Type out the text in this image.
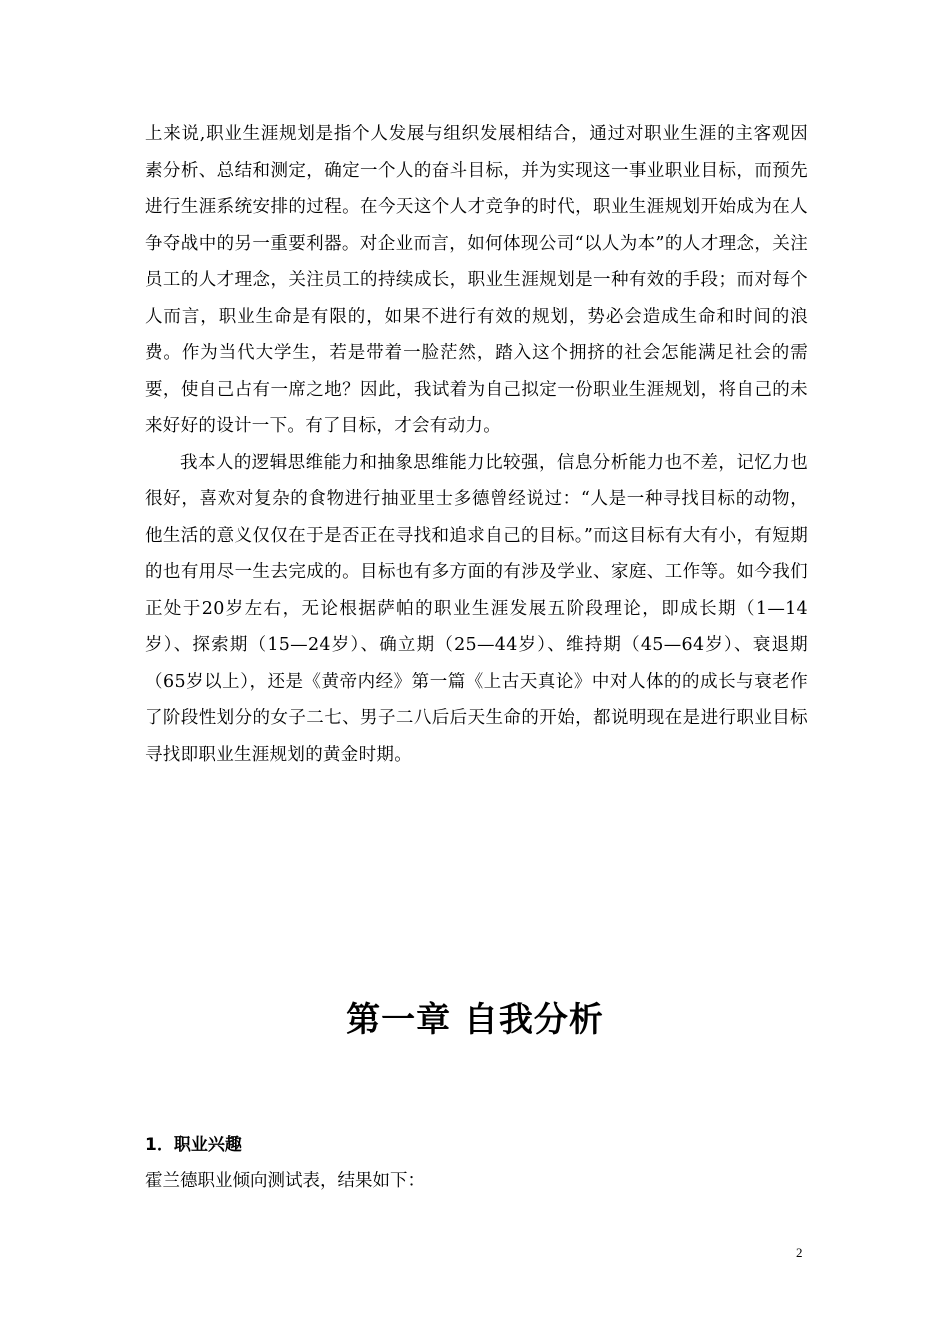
上来说,职业生涯规划是指个人发展与组织发展相结合，通过对职业生涯的主客观因素分析、总结和测定，确定一个人的奋斗目标，并为实现这一事业职业目标，而预先进行生涯系统安排的过程。在今天这个人才竞争的时代，职业生涯规划开始成为在人争夺战中的另一重要利器。对企业而言，如何体现公司“以人为本”的人才理念，关注员工的人才理念，关注员工的持续成长，职业生涯规划是一种有效的手段；而对每个人而言，职业生命是有限的，如果不进行有效的规划，势必会造成生命和时间的浪费。作为当代大学生，若是带着一脸茫然，踏入这个拥挤的社会怎能满足社会的需要，使自己占有一席之地？因此，我试着为自己拟定一份职业生涯规划，将自己的未来好好的设计一下。有了目标，才会有动力。

我本人的逻辑思维能力和抽象思维能力比较强，信息分析能力也不差，记忆力也很好，喜欢对复杂的食物进行抽亚里士多德曾经说过：“人是一种寻找目标的动物，他生活的意义仅仅在于是否正在寻找和追求自己的目标。”而这目标有大有小，有短期的也有用尽一生去完成的。目标也有多方面的有涉及学业、家庭、工作等。如今我们正处于20岁左右，无论根据萨帕的职业生涯发展五阶段理论，即成长期（1—14岁）、探索期（15—24岁）、确立期（25—44岁）、维持期（45—64岁）、衰退期（65岁以上），还是《黄帝内经》第一篇《上古天真论》中对人体的的成长与衰老作了阶段性划分的女子二七、男子二八后后天生命的开始，都说明现在是进行职业目标寻找即职业生涯规划的黄金时期。

第一章 自我分析
1．职业兴趣
霍兰德职业倾向测试表，结果如下：
2
